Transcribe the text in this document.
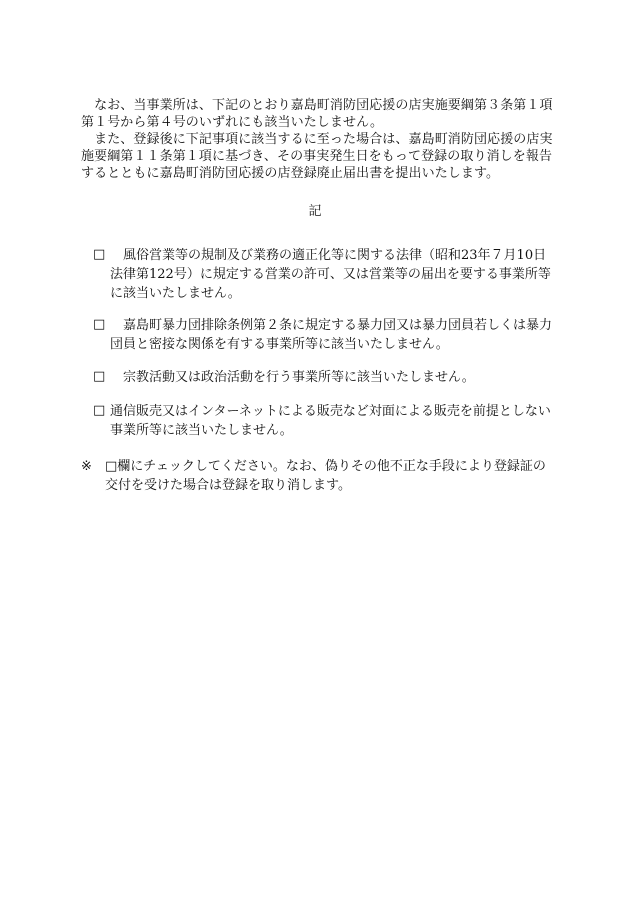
　なお、当事業所は、下記のとおり嘉島町消防団応援の店実施要綱第３条第１項第１号から第４号のいずれにも該当いたしません。

　また、登録後に下記事項に該当するに至った場合は、嘉島町消防団応援の店実施要綱第１１条第１項に基づき、その事実発生日をもって登録の取り消しを報告するとともに嘉島町消防団応援の店登録廃止届出書を提出いたします。

記

□ 　風俗営業等の規制及び業務の適正化等に関する法律（昭和23年７月10日法律第122号）に規定する営業の許可、又は営業等の届出を要する事業所等に該当いたしません。

□ 　嘉島町暴力団排除条例第２条に規定する暴力団又は暴力団員若しくは暴力団員と密接な関係を有する事業所等に該当いたしません。

□ 　宗教活動又は政治活動を行う事業所等に該当いたしません。

□ 通信販売又はインターネットによる販売など対面による販売を前提としない事業所等に該当いたしません。

※ □欄にチェックしてください。なお、偽りその他不正な手段により登録証の交付を受けた場合は登録を取り消します。
